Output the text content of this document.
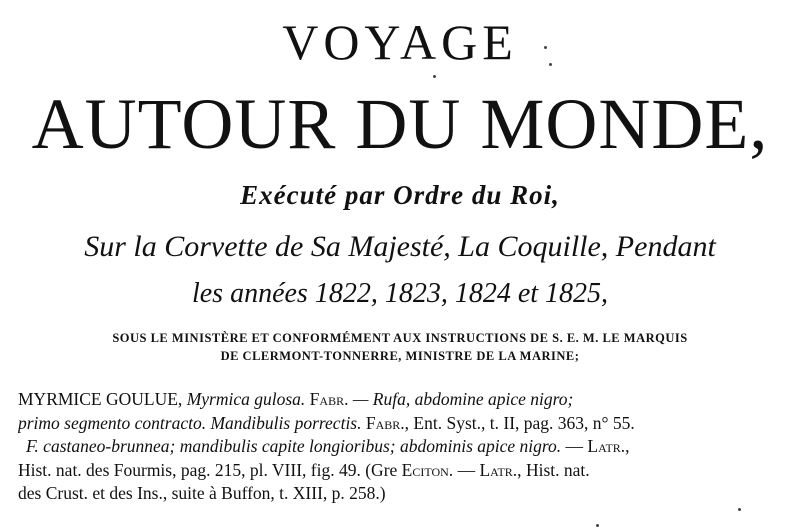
VOYAGE
AUTOUR DU MONDE,
Exécuté par Ordre du Roi,
Sur la Corvette de Sa Majesté, La Coquille, Pendant
les années 1822, 1823, 1824 et 1825,
SOUS LE MINISTÈRE ET CONFORMÉMENT AUX INSTRUCTIONS DE S. E. M. LE MARQUIS
DE CLERMONT-TONNERRE, MINISTRE DE LA MARINE;
MYRMICE GOULUE, Myrmica gulosa. Fabr. — Rufa, abdomine apice nigro;
primo segmento contracto. Mandibulis porrectis. Fabr., Ent. Syst., t. II, pag. 363, n° 55.
F. castaneo-brunnea; mandibulis capite longioribus; abdominis apice nigro. — Latr.,
Hist. nat. des Fourmis, pag. 215, pl. VIII, fig. 49. (Gre Eciton. — Latr., Hist. nat.
des Crust. et des Ins., suite à Buffon, t. XIII, p. 258.)
